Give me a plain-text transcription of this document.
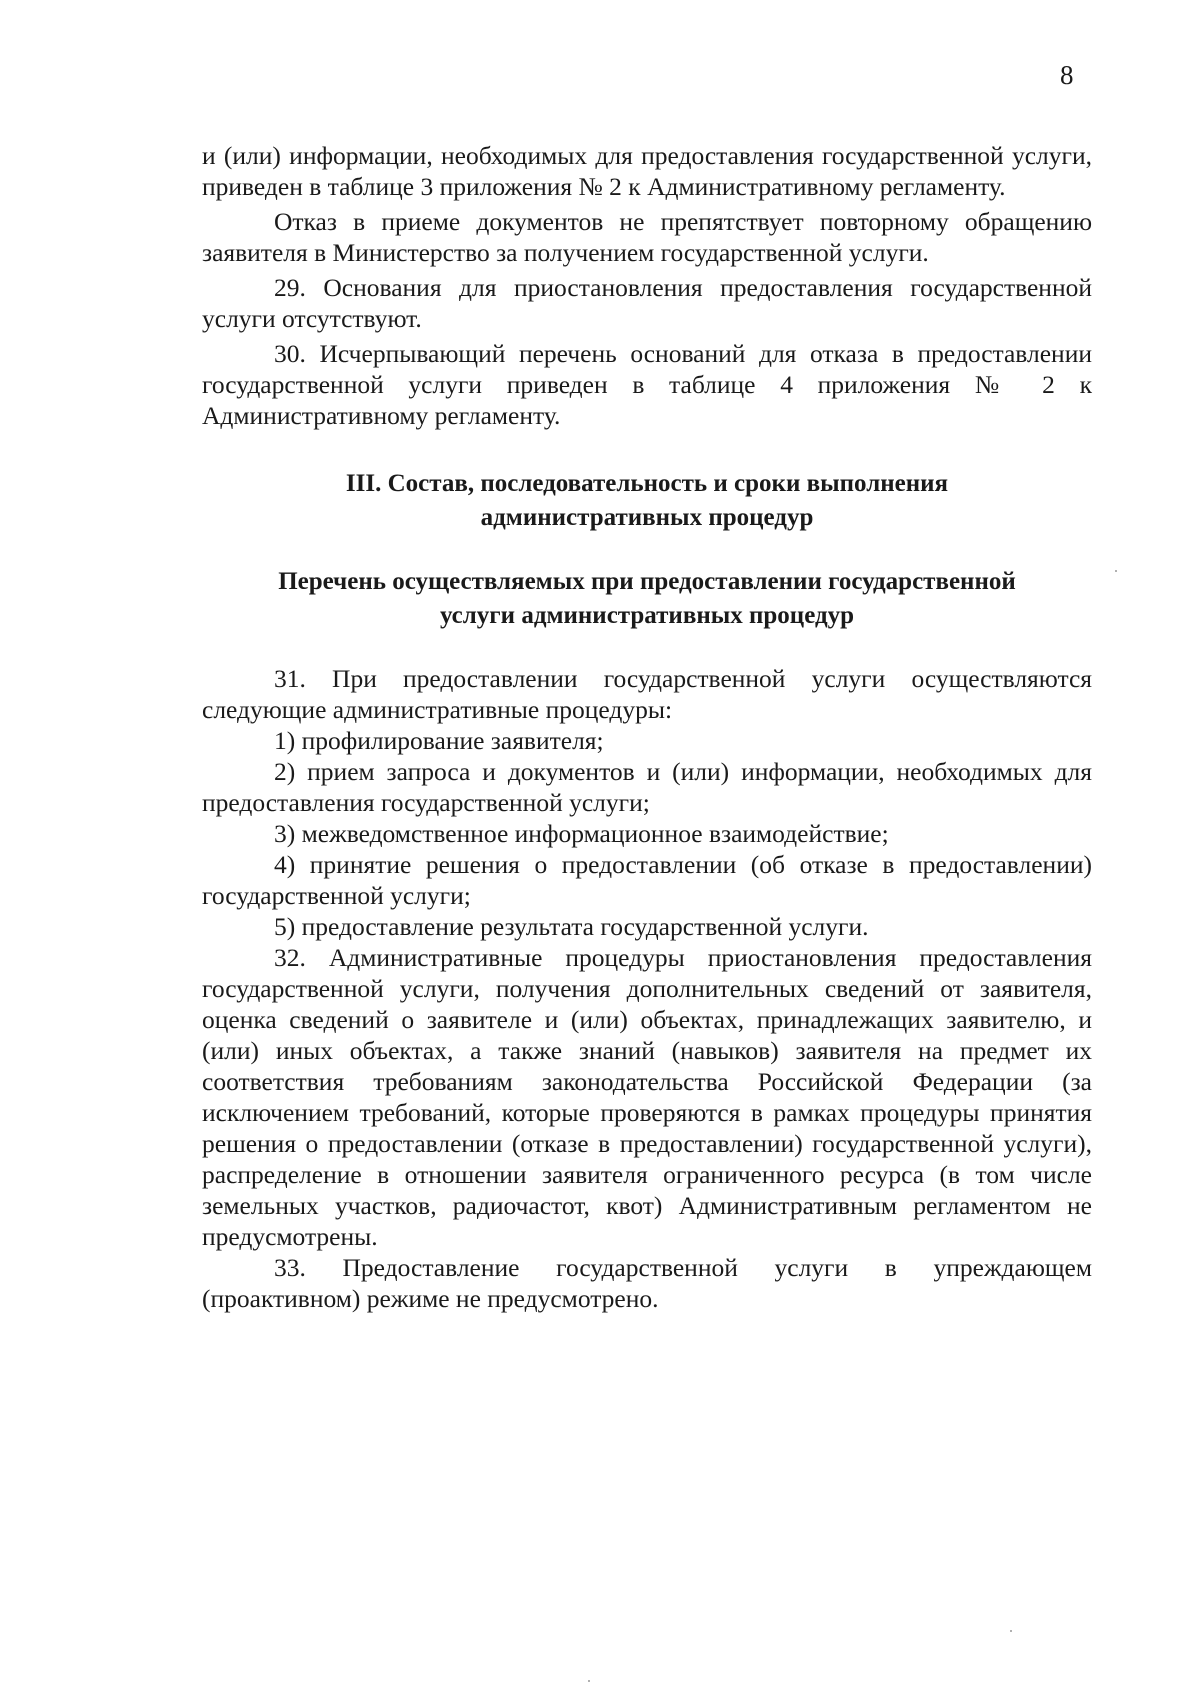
8

и (или) информации, необходимых для предоставления государственной услуги, приведен в таблице 3 приложения № 2 к Административному регламенту.

Отказ в приеме документов не препятствует повторному обращению заявителя в Министерство за получением государственной услуги.

29. Основания для приостановления предоставления государственной услуги отсутствуют.

30. Исчерпывающий перечень оснований для отказа в предоставлении государственной услуги приведен в таблице 4 приложения № 2 к Административному регламенту.

III. Состав, последовательность и сроки выполнения

административных процедур

Перечень осуществляемых при предоставлении государственной

услуги административных процедур

31. При предоставлении государственной услуги осуществляются следующие административные процедуры:

1) профилирование заявителя;

2) прием запроса и документов и (или) информации, необходимых для предоставления государственной услуги;

3) межведомственное информационное взаимодействие;

4) принятие решения о предоставлении (об отказе в предоставлении) государственной услуги;

5) предоставление результата государственной услуги.

32. Административные процедуры приостановления предоставления государственной услуги, получения дополнительных сведений от заявителя, оценка сведений о заявителе и (или) объектах, принадлежащих заявителю, и (или) иных объектах, а также знаний (навыков) заявителя на предмет их соответствия требованиям законодательства Российской Федерации (за исключением требований, которые проверяются в рамках процедуры принятия решения о предоставлении (отказе в предоставлении) государственной услуги), распределение в отношении заявителя ограниченного ресурса (в том числе земельных участков, радиочастот, квот) Административным регламентом не предусмотрены.

33. Предоставление государственной услуги в упреждающем (проактивном) режиме не предусмотрено.
